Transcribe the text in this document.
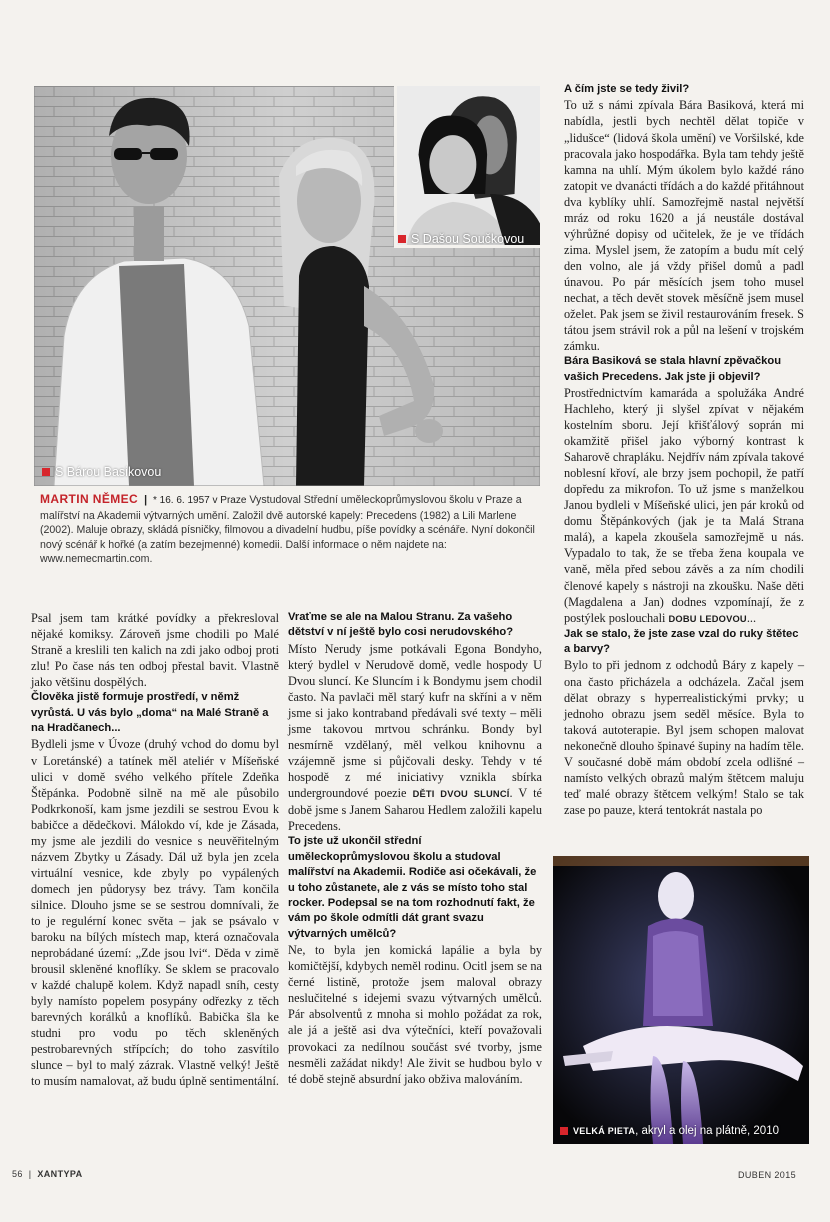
S Dašou Součkovou
S Bárou Basikovou
MARTIN NĚMEC | * 16. 6. 1957 v Praze Vystudoval Střední uměleckoprůmyslovou školu v Praze a malířství na Akademii výtvarných umění. Založil dvě autorské kapely: Precedens (1982) a Lili Marlene (2002). Maluje obrazy, skládá písničky, filmovou a divadelní hudbu, píše povídky a scénáře. Nyní dokončil nový scénář k hořké (a zatím bezejmenné) komedii. Další informace o něm najdete na: www.nemecmartin.com.

Psal jsem tam krátké povídky a překresloval nějaké komiksy. Zároveň jsme chodili po Malé Straně a kreslili ten kalich na zdi jako odboj proti zlu! Po čase nás ten odboj přestal bavit. Vlastně jako většinu dospělých.

Člověka jistě formuje prostředí, v němž vyrůstá. U vás bylo „doma“ na Malé Straně a na Hradčanech...

Bydleli jsme v Úvoze (druhý vchod do domu byl v Loretánské) a tatínek měl ateliér v Míšeňské ulici v domě svého velkého přítele Zdeňka Štěpánka. Podobně silně na mě ale působilo Podkrkonoší, kam jsme jezdili se sestrou Evou k babičce a dědečkovi. Málokdo ví, kde je Zásada, my jsme ale jezdili do vesnice s neuvěřitelným názvem Zbytky u Zásady. Dál už byla jen zcela virtuální vesnice, kde zbyly po vypálených domech jen půdorysy bez trávy. Tam končila silnice. Dlouho jsme se se sestrou domnívali, že to je regulérní konec světa – jak se psávalo v baroku na bílých místech map, která označovala neprobádané území: „Zde jsou lvi“. Děda v zimě brousil skleněné knoflíky. Se sklem se pracovalo v každé chalupě kolem. Když napadl sníh, cesty byly namísto popelem posypány odřezky z těch barevných korálků a knoflíků. Babička šla ke studni pro vodu po těch skleněných pestrobarevných střípcích; do toho zasvítilo slunce – byl to malý zázrak. Vlastně velký! Ještě to musím namalovat, až budu úplně sentimentální.

Vraťme se ale na Malou Stranu. Za vašeho dětství v ní ještě bylo cosi nerudovského?

Místo Nerudy jsme potkávali Egona Bondyho, který bydlel v Nerudově domě, vedle hospody U Dvou sluncí. Ke Sluncím i k Bondymu jsem chodil často. Na pavlači měl starý kufr na skříni a v něm jsme si jako kontraband předávali své texty – měli jsme takovou mrtvou schránku. Bondy byl nesmírně vzdělaný, měl velkou knihovnu a vzájemně jsme si půjčovali desky. Tehdy v té hospodě z mé iniciativy vznikla sbírka undergroundové poezie DĚTI DVOU SLUNCÍ. V té době jsme s Janem Saharou Hedlem založili kapelu Precedens.

To jste už ukončil střední uměleckoprůmyslovou školu a studoval malířství na Akademii. Rodiče asi očekávali, že u toho zůstanete, ale z vás se místo toho stal rocker. Podepsal se na tom rozhodnutí fakt, že vám po škole odmítli dát grant svazu výtvarných umělců?

Ne, to byla jen komická lapálie a byla by komičtější, kdybych neměl rodinu. Ocitl jsem se na černé listině, protože jsem maloval obrazy neslučitelné s idejemi svazu výtvarných umělců. Pár absolventů z mnoha si mohlo požádat za rok, ale já a ještě asi dva výtečníci, kteří považovali provokaci za nedílnou součást své tvorby, jsme nesměli zažádat nikdy! Ale živit se hudbou bylo v té době stejně absurdní jako obživa malováním.

A čím jste se tedy živil?

To už s námi zpívala Bára Basiková, která mi nabídla, jestli bych nechtěl dělat topiče v „lidušce“ (lidová škola umění) ve Voršilské, kde pracovala jako hospodářka. Byla tam tehdy ještě kamna na uhlí. Mým úkolem bylo každé ráno zatopit ve dvanácti třídách a do každé přitáhnout dva kyblíky uhlí. Samozřejmě nastal největší mráz od roku 1620 a já neustále dostával výhrůžné dopisy od učitelek, že je ve třídách zima. Myslel jsem, že zatopím a budu mít celý den volno, ale já vždy přišel domů a padl únavou. Po pár měsících jsem toho musel nechat, a těch devět stovek měsíčně jsem musel oželet. Pak jsem se živil restaurováním fresek. S tátou jsem strávil rok a půl na lešení v trojském zámku.

Bára Basiková se stala hlavní zpěvačkou vašich Precedens. Jak jste ji objevil?

Prostřednictvím kamaráda a spolužáka André Hachleho, který ji slyšel zpívat v nějakém kostelním sboru. Její křišťálový soprán mi okamžitě přišel jako výborný kontrast k Saharově chrapláku. Nejdřív nám zpívala takové noblesní křoví, ale brzy jsem pochopil, že patří dopředu za mikrofon. To už jsme s manželkou Janou bydleli v Míšeňské ulici, jen pár kroků od domu Štěpánkových (jak je ta Malá Strana malá), a kapela zkoušela samozřejmě u nás. Vypadalo to tak, že se třeba žena koupala ve vaně, měla před sebou závěs a za ním chodili členové kapely s nástroji na zkoušku. Naše děti (Magdalena a Jan) dodnes vzpomínají, že z postýlek poslouchali DOBU LEDOVOU...

Jak se stalo, že jste zase vzal do ruky štětec a barvy?

Bylo to při jednom z odchodů Báry z kapely – ona často přicházela a odcházela. Začal jsem dělat obrazy s hyperrealistickými prvky; u jednoho obrazu jsem seděl měsíce. Byla to taková autoterapie. Byl jsem schopen malovat nekonečně dlouho špinavé šupiny na hadím těle. V současné době mám období zcela odlišné – namísto velkých obrazů malým štětcem maluju teď malé obrazy štětcem velkým! Stalo se tak zase po pauze, která tentokrát nastala po

VELKÁ PIETA, akryl a olej na plátně, 2010
56 | XANTYPA	DUBEN 2015
